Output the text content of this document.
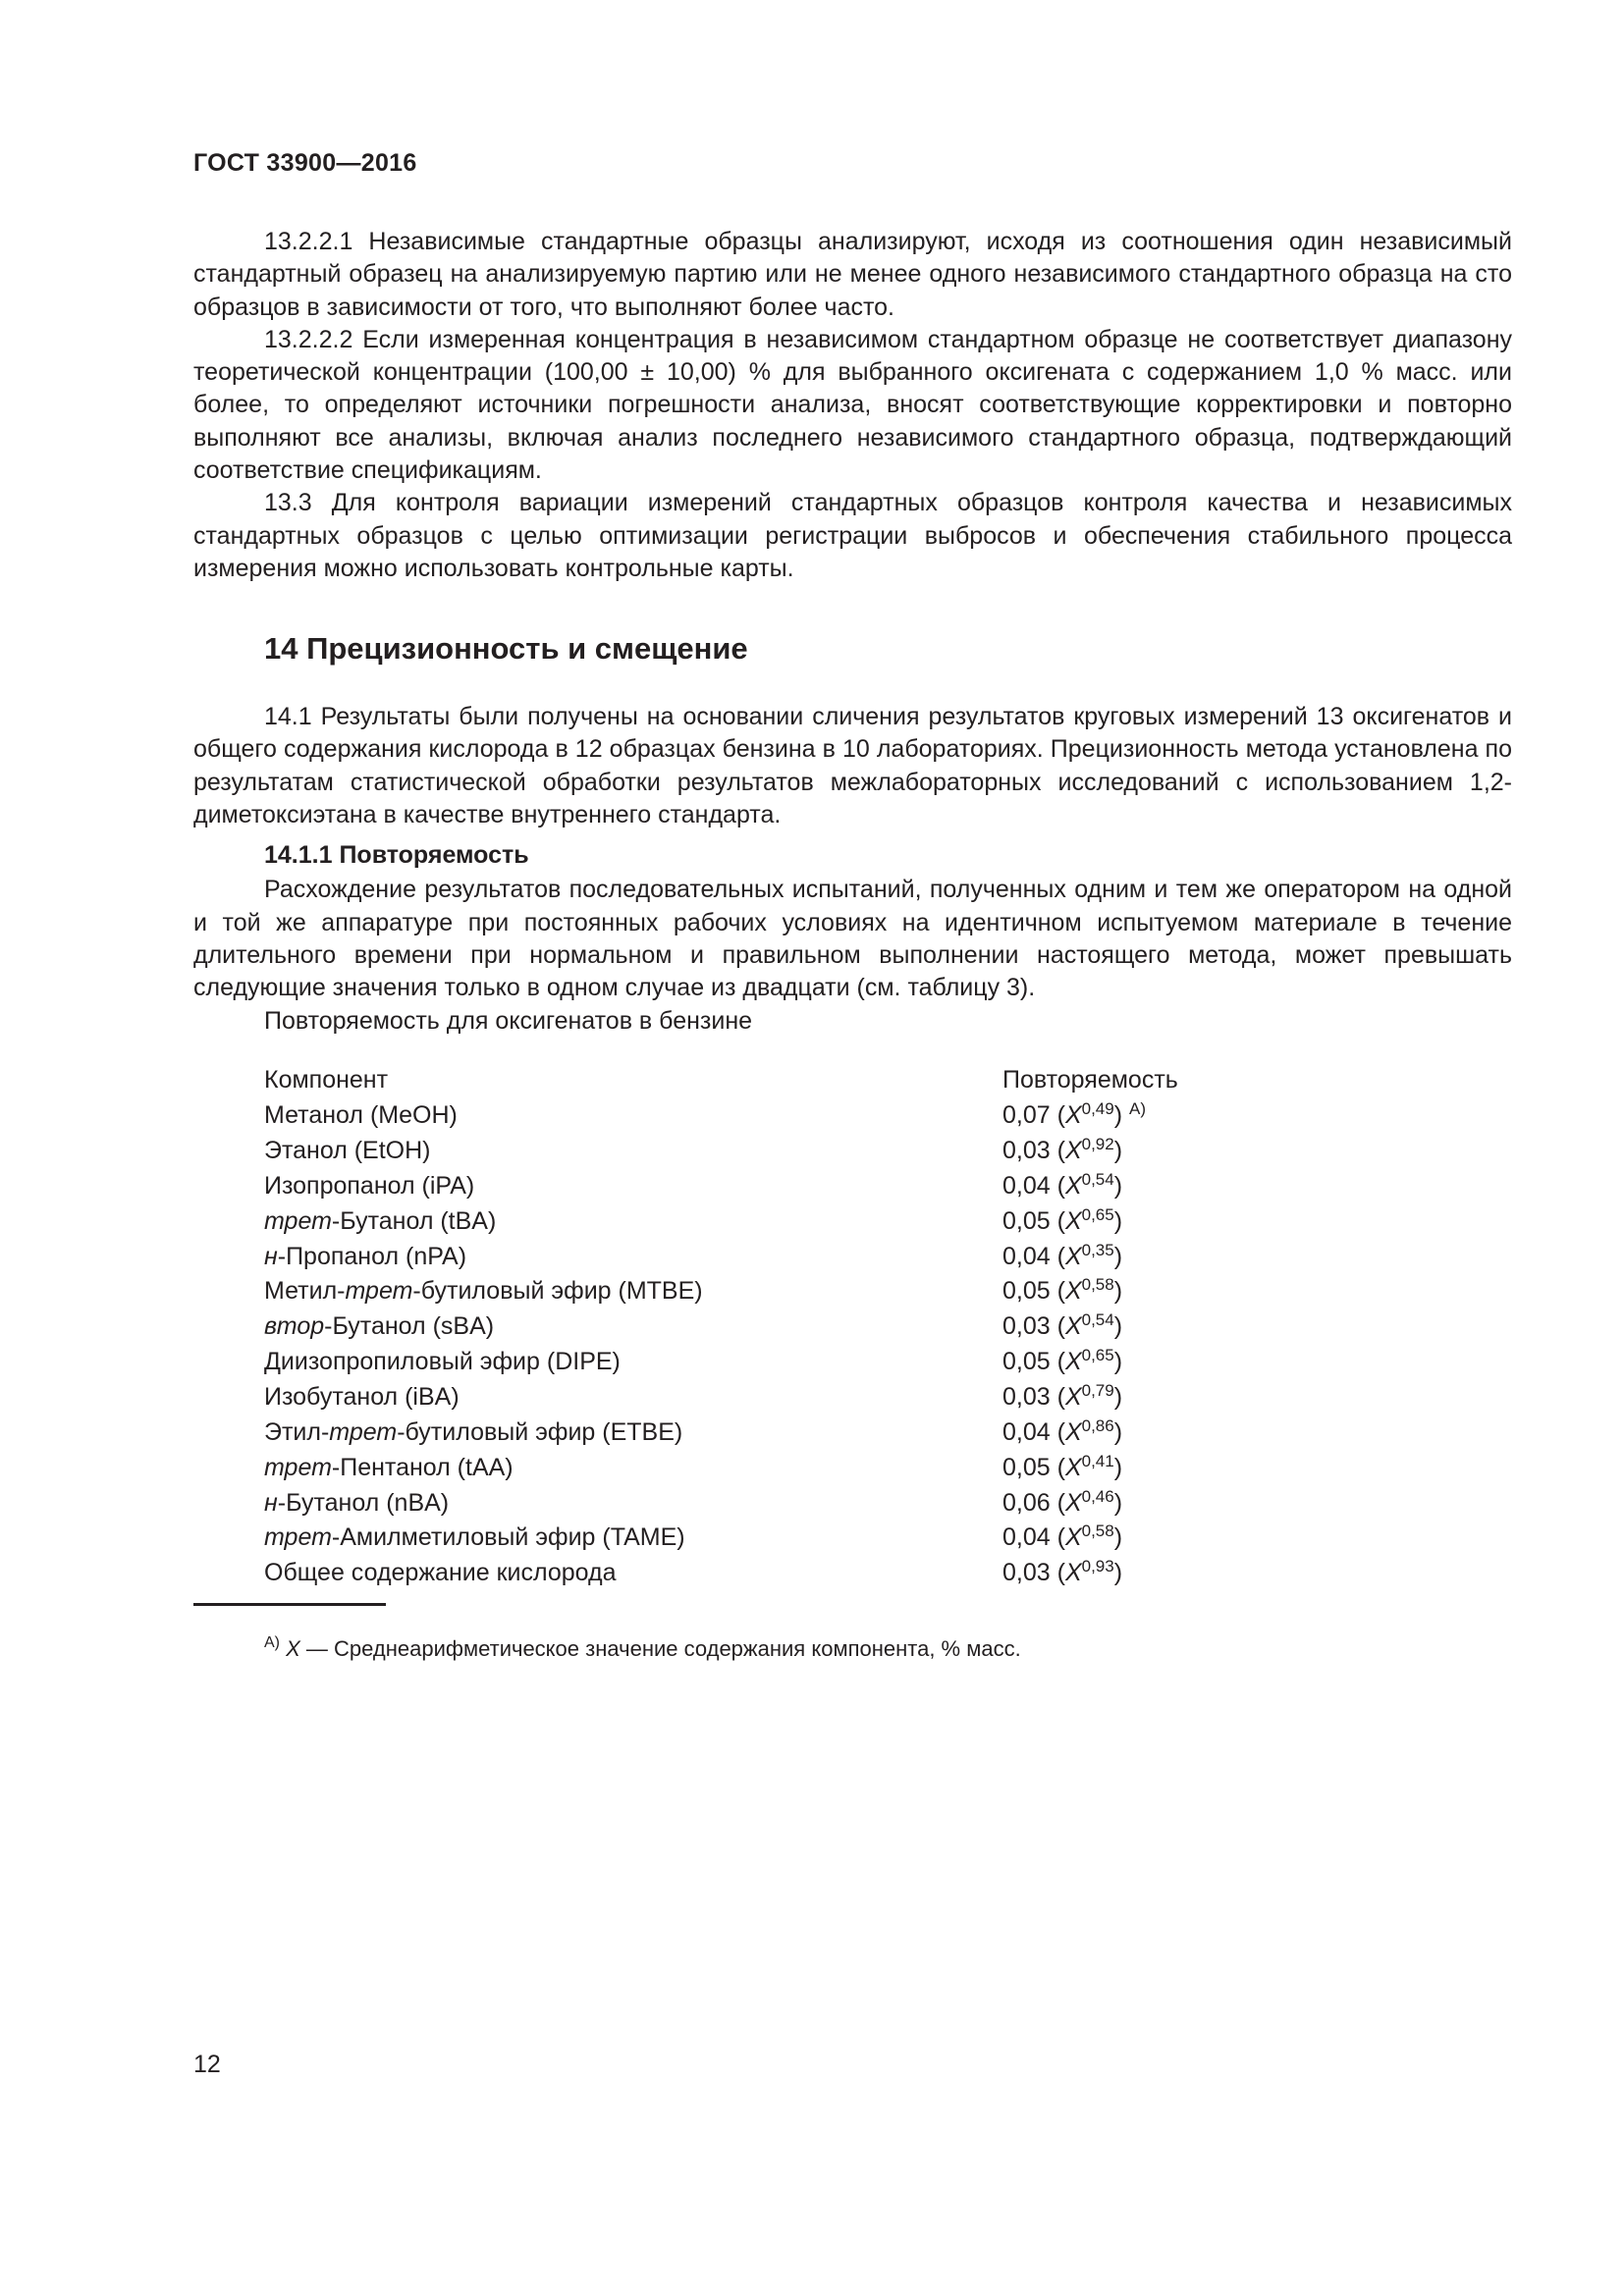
ГОСТ 33900—2016

13.2.2.1 Независимые стандартные образцы анализируют, исходя из соотношения один независимый стандартный образец на анализируемую партию или не менее одного независимого стандартного образца на сто образцов в зависимости от того, что выполняют более часто.

13.2.2.2 Если измеренная концентрация в независимом стандартном образце не соответствует диапазону теоретической концентрации (100,00 ± 10,00) % для выбранного оксигената с содержанием 1,0 % масс. или более, то определяют источники погрешности анализа, вносят соответствующие корректировки и повторно выполняют все анализы, включая анализ последнего независимого стандартного образца, подтверждающий соответствие спецификациям.

13.3 Для контроля вариации измерений стандартных образцов контроля качества и независимых стандартных образцов с целью оптимизации регистрации выбросов и обеспечения стабильного процесса измерения можно использовать контрольные карты.

14 Прецизионность и смещение

14.1 Результаты были получены на основании сличения результатов круговых измерений 13 оксигенатов и общего содержания кислорода в 12 образцах бензина в 10 лабораториях. Прецизионность метода установлена по результатам статистической обработки результатов межлабораторных исследований с использованием 1,2-диметоксиэтана в качестве внутреннего стандарта.

14.1.1 Повторяемость

Расхождение результатов последовательных испытаний, полученных одним и тем же оператором на одной и той же аппаратуре при постоянных рабочих условиях на идентичном испытуемом материале в течение длительного времени при нормальном и правильном выполнении настоящего метода, может превышать следующие значения только в одном случае из двадцати (см. таблицу 3).

Повторяемость для оксигенатов в бензине

Компонент	Повторяемость
Метанол (MeOH)	0,07 $(X^{0,49})$ $^{А)}$
Этанол (EtOH)	0,03 $(X^{0,92})$
Изопропанол (iPA)	0,04 $(X^{0,54})$
трет-Бутанол (tBA)	0,05 $(X^{0,65})$
н-Пропанол (nPA)	0,04 $(X^{0,35})$
Метил-трет-бутиловый эфир (MTBE)	0,05 $(X^{0,58})$
втор-Бутанол (sBA)	0,03 $(X^{0,54})$
Диизопропиловый эфир (DIPE)	0,05 $(X^{0,65})$
Изобутанол (iBA)	0,03 $(X^{0,79})$
Этил-трет-бутиловый эфир (ETBE)	0,04 $(X^{0,86})$
трет-Пентанол (tAA)	0,05 $(X^{0,41})$
н-Бутанол (nBA)	0,06 $(X^{0,46})$
трет-Амилметиловый эфир (TAME)	0,04 $(X^{0,58})$
Общее содержание кислорода	0,03 $(X^{0,93})$
$^{А)}$ X — Среднеарифметическое значение содержания компонента, % масс.
12
